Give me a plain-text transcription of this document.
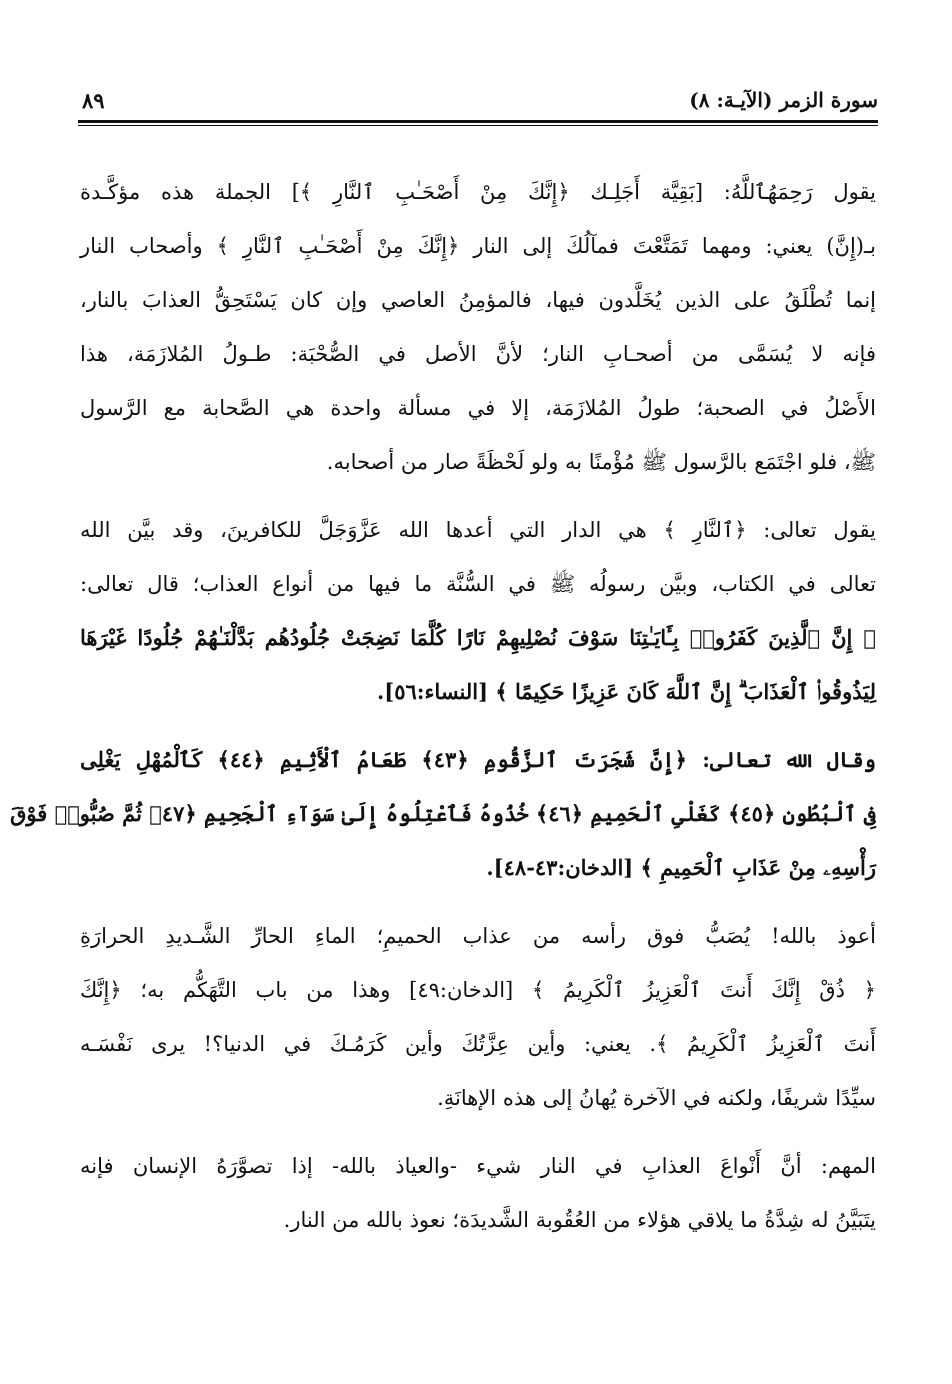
سورة الزمر (الآيـة: ٨)
٨٩
يقول رَحِمَهُٱللَّهُ: [بَقِيَّة أَجَلِـك ﴿إِنَّكَ مِنْ أَصْحَـٰبِ ٱلنَّارِ ﴾] الجملة هذه مؤكَّـدة
بـ(إِنَّ) يعني: ومهما تَمَتَّعْتَ فمآلُكَ إلى النار ﴿إِنَّكَ مِنْ أَصْحَـٰبِ ٱلنَّارِ ﴾ وأصحاب النار
إنما تُطْلَقُ على الذين يُخَلَّدون فيها، فالمؤمِنُ العاصي وإن كان يَسْتَحِقُّ العذابَ بالنار،
فإنه لا يُسَمَّى من أصحـابِ النار؛ لأنَّ الأصل في الصُّحْبَة: طـولُ المُلازَمَة، هذا
الأَصْلُ في الصحبة؛ طولُ المُلازَمَة، إلا في مسألة واحدة هي الصَّحابة مع الرَّسول
ﷺ، فلو اجْتَمَع بالرَّسول ﷺ مُؤْمنًا به ولو لَحْظَةً صار من أصحابه.
يقول تعالى: ﴿ٱلنَّارِ ﴾ هي الدار التي أعدها الله عَزَّوَجَلَّ للكافرينَ، وقد بيَّن الله
تعالى في الكتاب، وبيَّن رسولُه ﷺ في السُّنَّة ما فيها من أنواع العذاب؛ قال تعالى:
﴿ إِنَّ ٱلَّذِينَ كَفَرُوا۟ بِـَٔايَـٰتِنَا سَوْفَ نُصْلِيهِمْ نَارًا كُلَّمَا نَضِجَتْ جُلُودُهُم بَدَّلْنَـٰهُمْ جُلُودًا غَيْرَهَا
لِيَذُوقُوا۟ ٱلْعَذَابَ ۗ إِنَّ ٱللَّهَ كَانَ عَزِيزًا حَكِيمًا ﴾ [النساء:٥٦].
وقال الله تعالى: ﴿إِنَّ شَجَرَتَ ٱلزَّقُّومِ ﴿٤٣﴾ طَعَامُ ٱلْأَثِيمِ ﴿٤٤﴾ كَٱلْمُهْلِ يَغْلِى
فِى ٱلْبُطُونِ ﴿٤٥﴾ كَغَلْىِ ٱلْحَمِيمِ ﴿٤٦﴾ خُذُوهُ فَٱعْتِلُوهُ إِلَىٰ سَوَآءِ ٱلْجَحِيمِ ﴿٤٧﴾ ثُمَّ صُبُّوا۟ فَوْقَ
رَأْسِهِۦ مِنْ عَذَابِ ٱلْحَمِيمِ ﴾ [الدخان:٤٣-٤٨].
أعوذ بالله! يُصَبُّ فوق رأسه من عذاب الحميمِ؛ الماءِ الحارِّ الشَّـديدِ الحرارَةِ
﴿ ذُقْ إِنَّكَ أَنتَ ٱلْعَزِيزُ ٱلْكَرِيمُ ﴾ [الدخان:٤٩] وهذا من باب التَّهَكُّم به؛ ﴿إِنَّكَ
أَنتَ ٱلْعَزِيزُ ٱلْكَرِيمُ ﴾. يعني: وأين عِزَّتُكَ وأين كَرَمُـكَ في الدنيا؟! يرى نَفْسَـه
سيِّدًا شريفًا، ولكنه في الآخرة يُهانُ إلى هذه الإهانَةِ.
المهم: أنَّ أَنْواعَ العذابِ في النار شيء -والعياذ بالله- إذا تصوَّرَهُ الإنسان فإنه
يتَبَيَّنُ له شِدَّةُ ما يلاقي هؤلاء من العُقُوبة الشَّديدَة؛ نعوذ بالله من النار.
